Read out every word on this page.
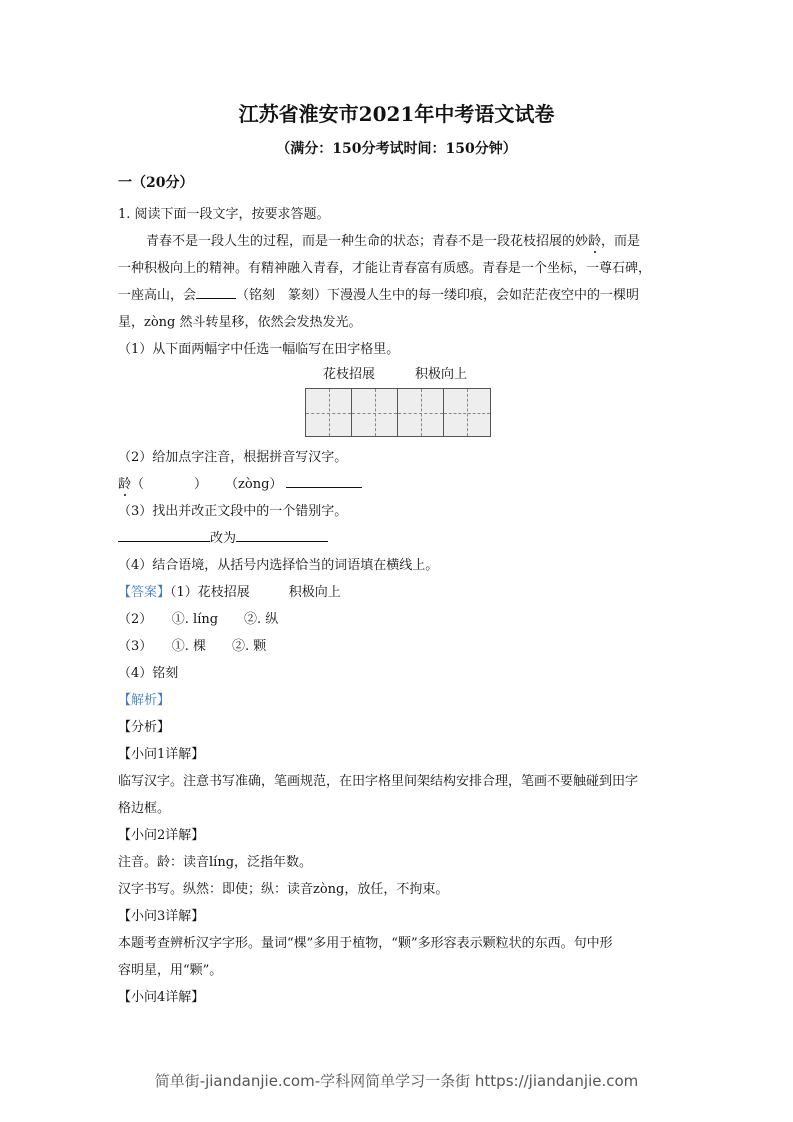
江苏省淮安市2021年中考语文试卷
（满分：150分考试时间：150分钟）
一（20分）
1. 阅读下面一段文字，按要求答题。
青春不是一段人生的过程，而是一种生命的状态；青春不是一段花枝招展的妙龄，而是
一种积极向上的精神。有精神融入青春，才能让青春富有质感。青春是一个坐标，一尊石碑，
一座高山，会	（铭刻　篆刻）下漫漫人生中的每一缕印痕，会如茫茫夜空中的一棵明
星，zòng 然斗转星移，依然会发热发光。
（1）从下面两幅字中任选一幅临写在田字格里。
花枝招展	积极向上
（2）给加点字注音，根据拼音写汉字。
龄（	） （zòng）
（3）找出并改正文段中的一个错别字。
改为
（4）结合语境，从括号内选择恰当的词语填在横线上。
【答案】（1）花枝招展　　　积极向上
（2）　　①. líng　　②. 纵
（3）　　①. 棵　　②. 颗
（4）铭刻
【解析】
【分析】
【小问1详解】
临写汉字。注意书写准确，笔画规范，在田字格里间架结构安排合理，笔画不要触碰到田字
格边框。
【小问2详解】
注音。龄：读音líng，泛指年数。
汉字书写。纵然：即使；纵：读音zòng，放任，不拘束。
【小问3详解】
本题考查辨析汉字字形。量词“棵”多用于植物，“颗”多形容表示颗粒状的东西。句中形
容明星，用“颗”。
【小问4详解】
简单街-jiandanjie.com-学科网简单学习一条街 https://jiandanjie.com
